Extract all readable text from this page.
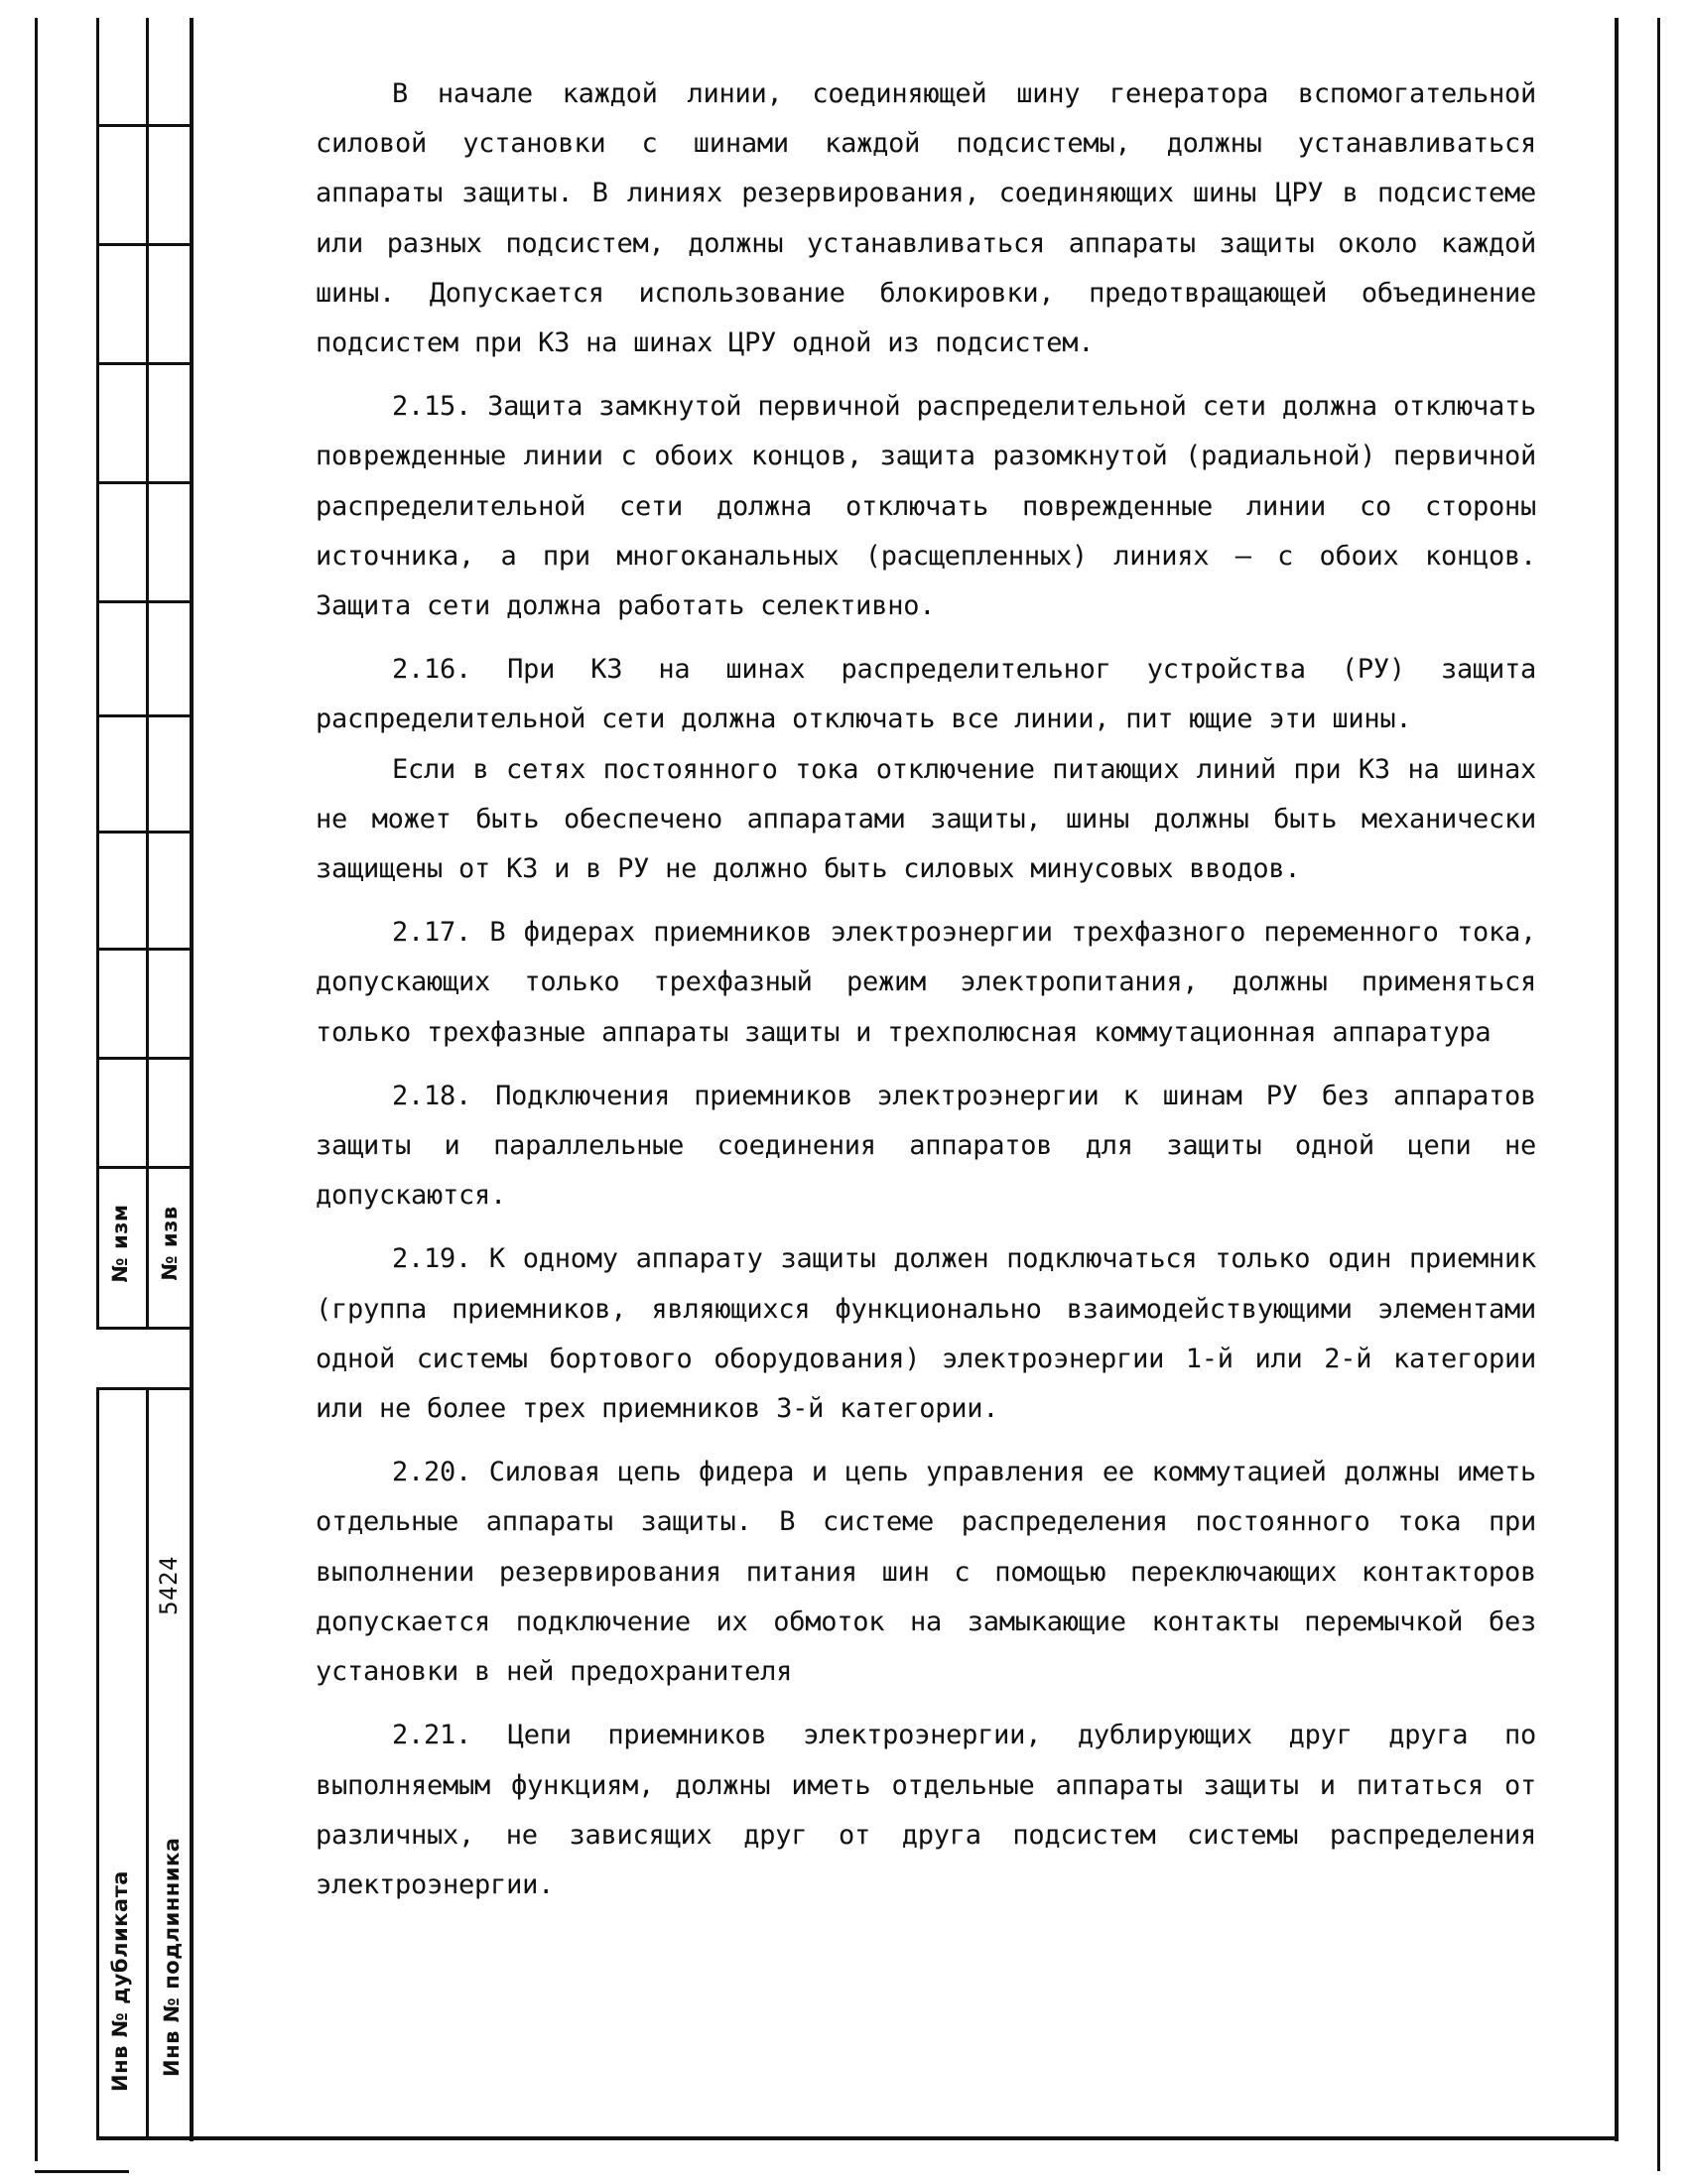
№ изм № изв
5424
Инв № дубликата Инв № подлинника

В начале каждой линии, соединяющей шину генератора вспомогательной силовой установки с шинами каждой подсистемы, должны устанавливаться аппараты защиты. В линиях резервирования, соединяющих шины ЦРУ в подсистеме или разных подсистем, должны устанавливаться аппараты защиты около каждой шины. Допускается использование блокировки, предотвращающей объединение подсистем при КЗ на шинах ЦРУ одной из подсистем.

2.15. Защита замкнутой первичной распределительной сети должна отключать поврежденные линии с обоих концов, защита разомкнутой (радиальной) первичной распределительной сети должна отключать поврежденные линии со стороны источника, а при многоканальных (расщепленных) линиях – с обоих концов. Защита сети должна работать селективно.

2.16. При КЗ на шинах распределительног устройства (РУ) защита распределительной сети должна отключать все линии, пит ющие эти шины.

Если в сетях постоянного тока отключение питающих линий при КЗ на шинах не может быть обеспечено аппаратами защиты, шины должны быть механически защищены от КЗ и в РУ не должно быть силовых минусовых вводов.

2.17. В фидерах приемников электроэнергии трехфазного переменного тока, допускающих только трехфазный режим электропитания, должны применяться только трехфазные аппараты защиты и трехполюсная коммутационная аппаратура

2.18. Подключения приемников электроэнергии к шинам РУ без аппаратов защиты и параллельные соединения аппаратов для защиты одной цепи не допускаются.

2.19. К одному аппарату защиты должен подключаться только один приемник (группа приемников, являющихся функционально взаимодействующими элементами одной системы бортового оборудования) электроэнергии 1-й или 2-й категории или не более трех приемников 3-й категории.

2.20. Силовая цепь фидера и цепь управления ее коммутацией должны иметь отдельные аппараты защиты. В системе распределения постоянного тока при выполнении резервирования питания шин с помощью переключающих контакторов допускается подключение их обмоток на замыкающие контакты перемычкой без установки в ней предохранителя

2.21. Цепи приемников электроэнергии, дублирующих друг друга по выполняемым функциям, должны иметь отдельные аппараты защиты и питаться от различных, не зависящих друг от друга подсистем системы распределения электроэнергии.
